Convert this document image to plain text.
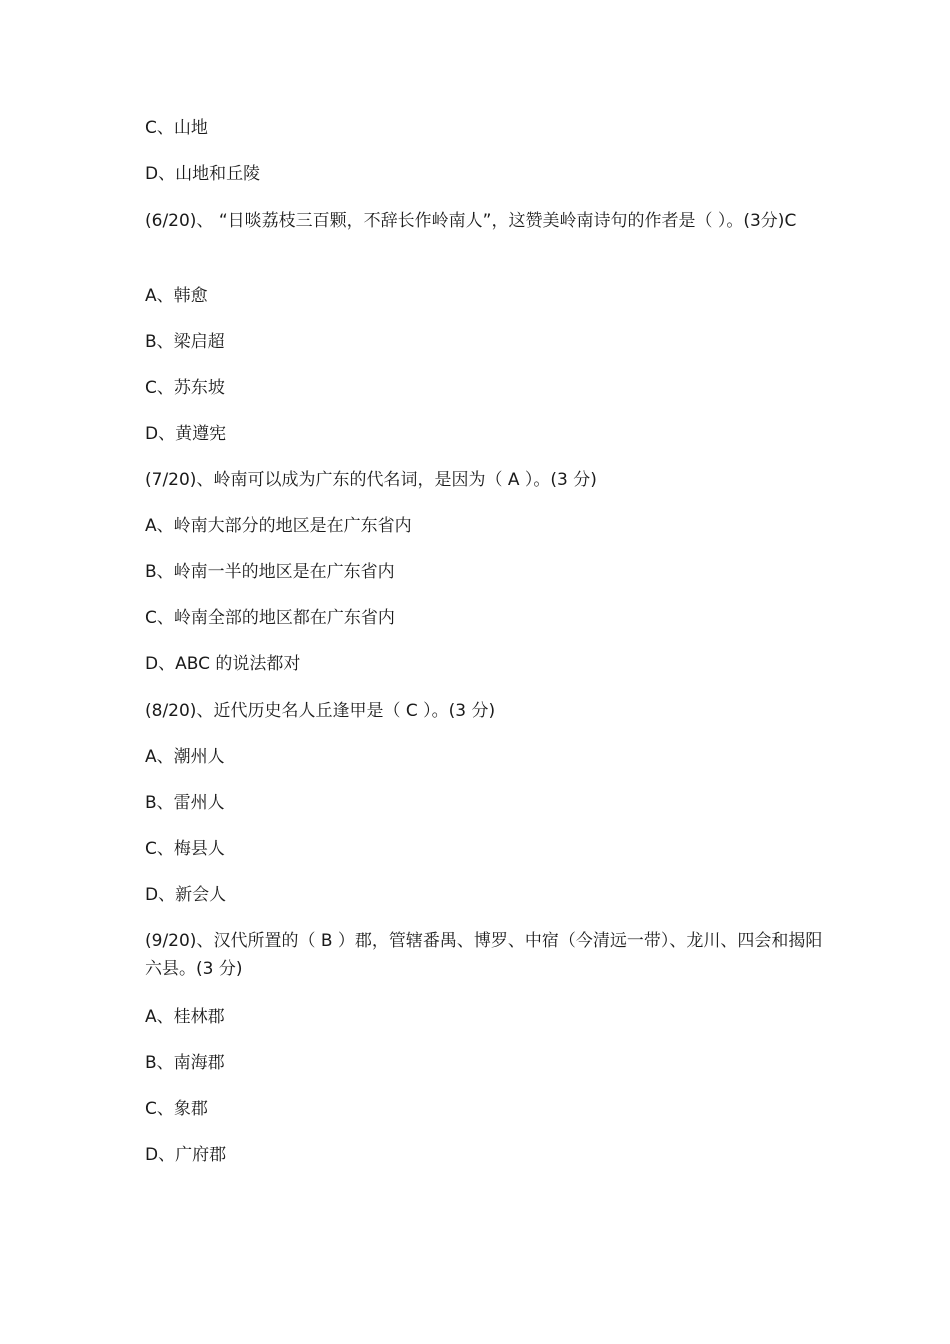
C、山地
D、山地和丘陵
(6/20)、 “日啖荔枝三百颗，不辞长作岭南人”，这赞美岭南诗句的作者是（ ）。(3分)C
A、韩愈
B、梁启超
C、苏东坡
D、黄遵宪
(7/20)、岭南可以成为广东的代名词，是因为（ A ）。(3 分)
A、岭南大部分的地区是在广东省内
B、岭南一半的地区是在广东省内
C、岭南全部的地区都在广东省内
D、ABC 的说法都对
(8/20)、近代历史名人丘逢甲是（ C ）。(3 分)
A、潮州人
B、雷州人
C、梅县人
D、新会人
(9/20)、汉代所置的（ B ）郡，管辖番禺、博罗、中宿（今清远一带）、龙川、四会和揭阳六县。(3 分)
A、桂林郡
B、南海郡
C、象郡
D、广府郡
